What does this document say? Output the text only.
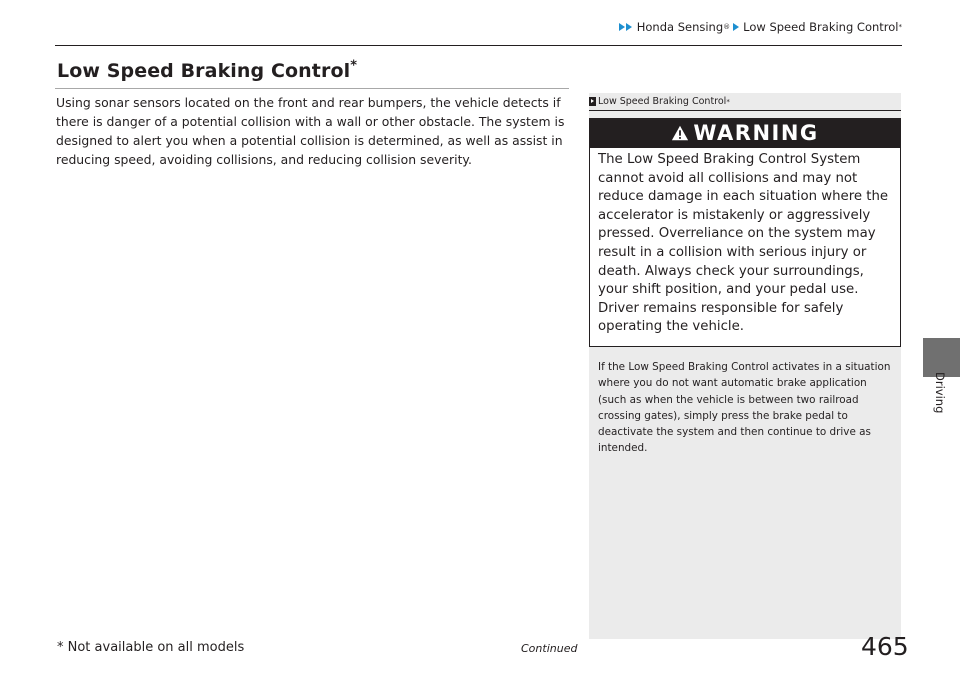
Honda Sensing ® Low Speed Braking Control *
Driving
Low Speed Braking Control*
Using sonar sensors located on the front and rear bumpers, the vehicle detects if there is danger of a potential collision with a wall or other obstacle. The system is designed to alert you when a potential collision is determined, as well as assist in reducing speed, avoiding collisions, and reducing collision severity.
Low Speed Braking Control *
WARNING
The Low Speed Braking Control System cannot avoid all collisions and may not reduce damage in each situation where the accelerator is mistakenly or aggressively pressed. Overreliance on the system may result in a collision with serious injury or death. Always check your surroundings, your shift position, and your pedal use. Driver remains responsible for safely operating the vehicle.
If the Low Speed Braking Control activates in a situation where you do not want automatic brake application (such as when the vehicle is between two railroad crossing gates), simply press the brake pedal to deactivate the system and then continue to drive as intended.
* Not available on all models	Continued	465
